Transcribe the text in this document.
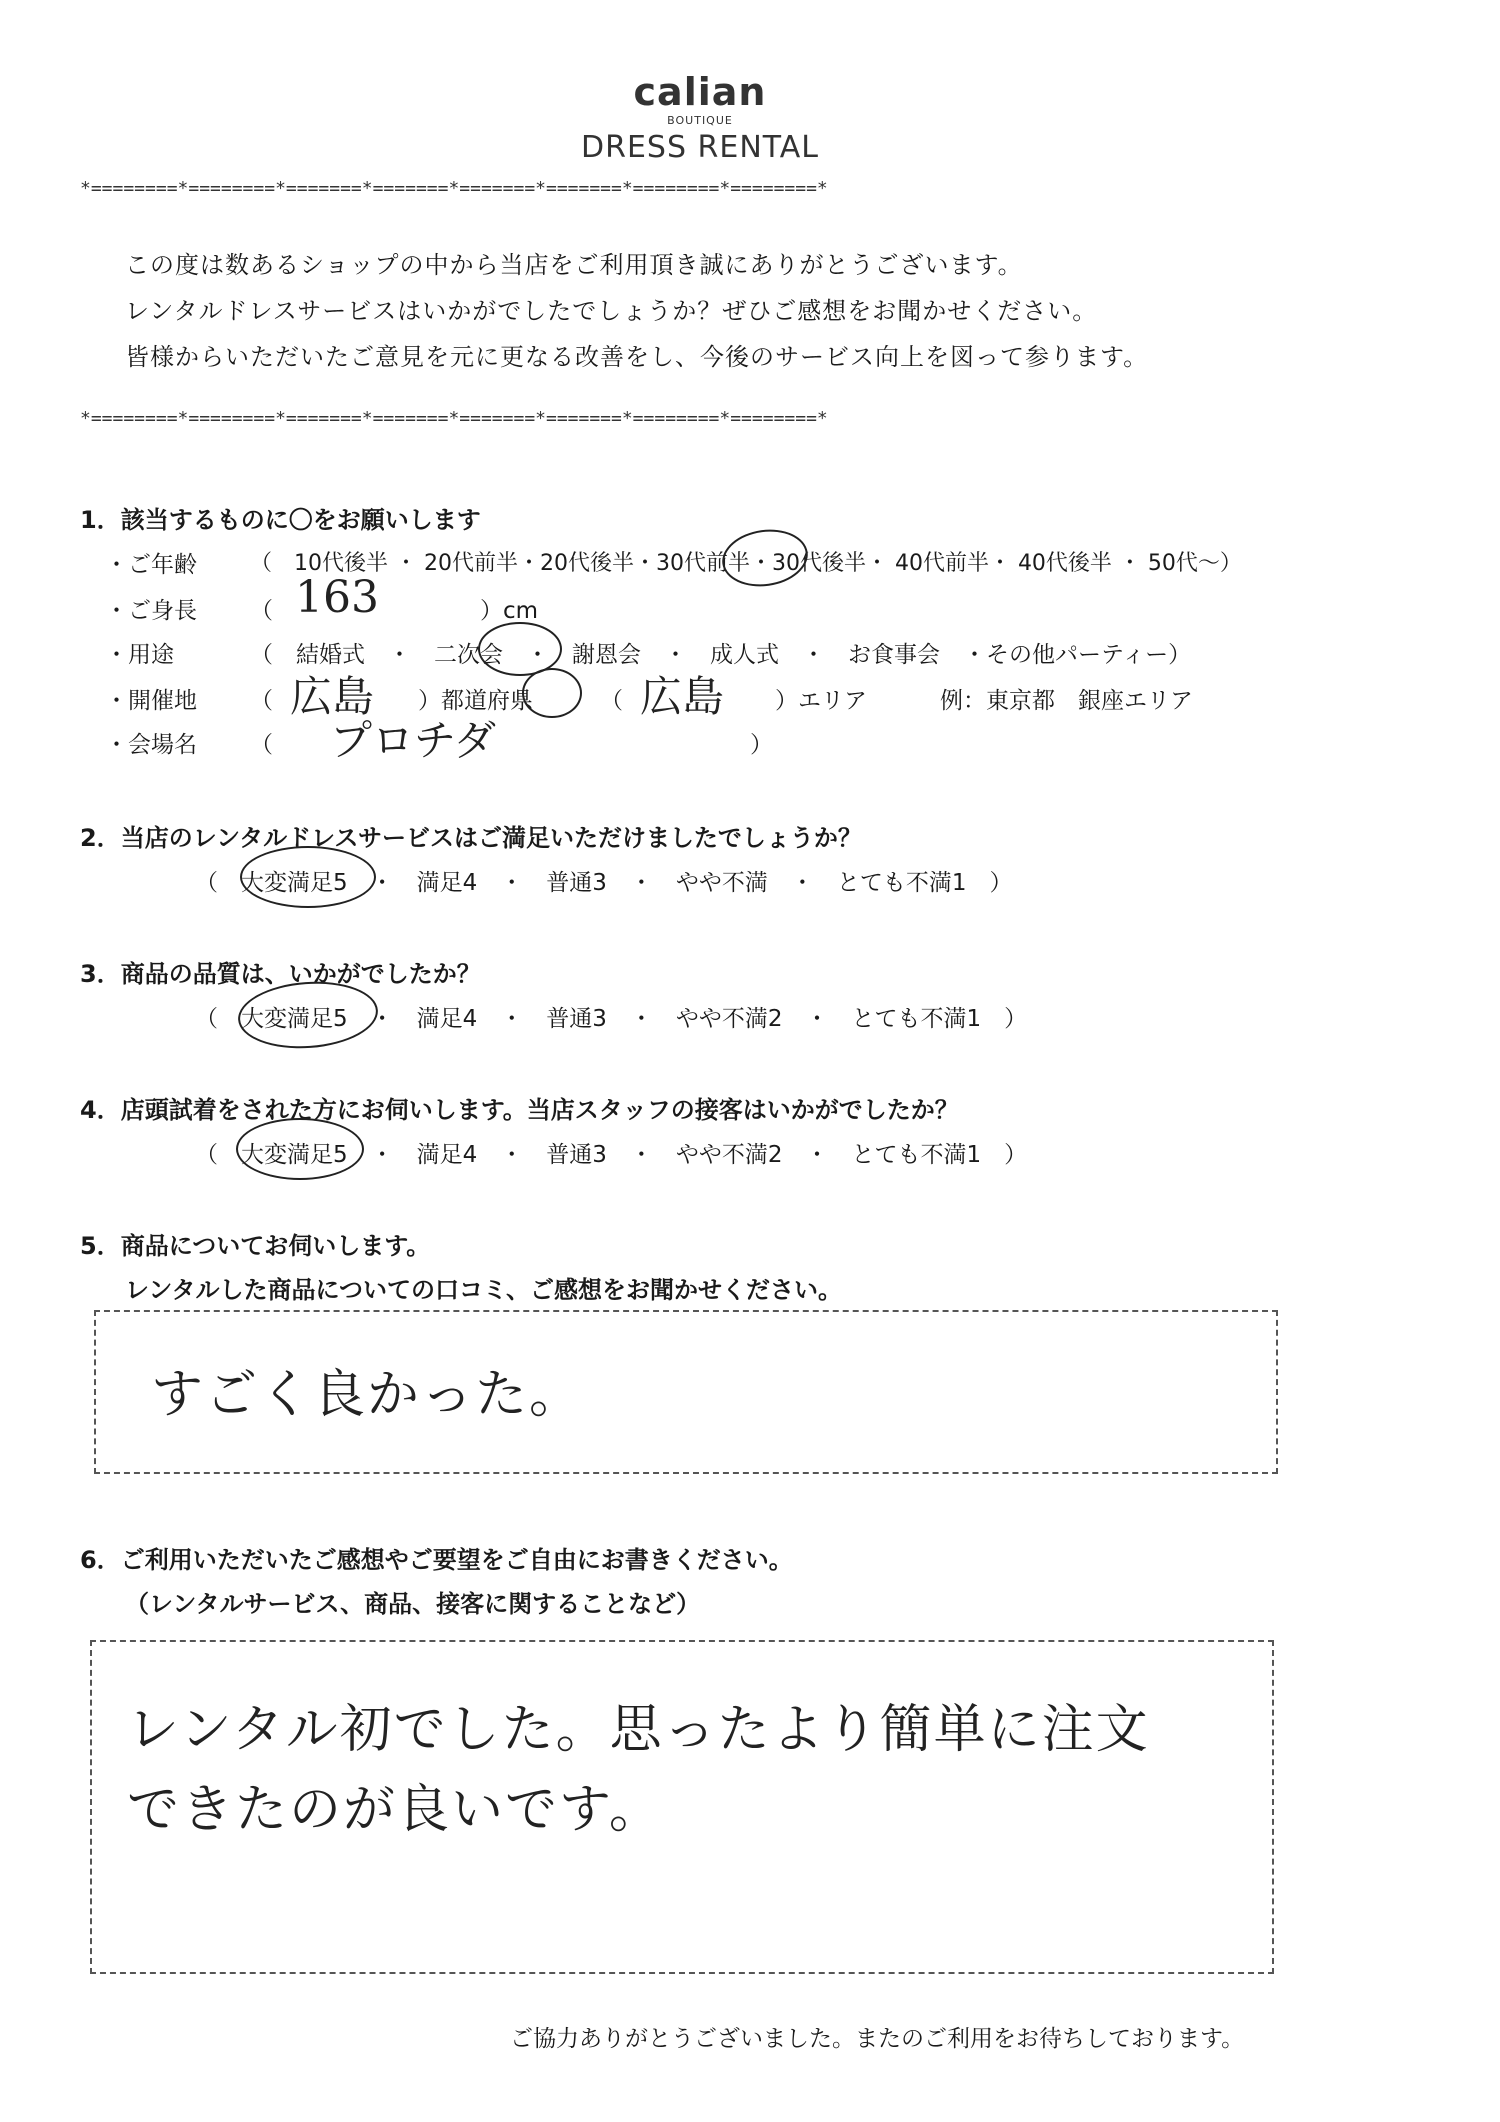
calian
BOUTIQUE
DRESS RENTAL
*========*========*=======*=======*=======*=======*========*========*
この度は数あるショップの中から当店をご利用頂き誠にありがとうございます。
レンタルドレスサービスはいかがでしたでしょうか？ぜひご感想をお聞かせください。
皆様からいただいたご意見を元に更なる改善をし、今後のサービス向上を図って参ります。
*========*========*=======*=======*=======*=======*========*========*
1．該当するものに〇をお願いします
・ご年齢 （　10代後半 ・ 20代前半・20代後半・30代前半・30代後半・ 40代前半・ 40代後半 ・ 50代～）
・ご身長 （ 163	）cm
・用途	（　結婚式　・　二次会　・　謝恩会　・　成人式　・　お食事会　・その他パーティー）
・開催地 （ 広島 ）都道府県	（ 広島 ）エリア	例：東京都　銀座エリア
・会場名 （ プロチダ	）
2．当店のレンタルドレスサービスはご満足いただけましたでしょうか？
（　大変満足5　・　満足4　・　普通3　・　やや不満　・　とても不満1　）
3．商品の品質は、いかがでしたか？
（　大変満足5　・　満足4　・　普通3　・　やや不満2　・　とても不満1　）
4．店頭試着をされた方にお伺いします。当店スタッフの接客はいかがでしたか？
（　大変満足5　・　満足4　・　普通3　・　やや不満2　・　とても不満1　）
5．商品についてお伺いします。
レンタルした商品についての口コミ、ご感想をお聞かせください。
すごく良かった。
6．ご利用いただいたご感想やご要望をご自由にお書きください。
（レンタルサービス、商品、接客に関することなど）
レンタル初でした。思ったより簡単に注文
できたのが良いです。
ご協力ありがとうございました。またのご利用をお待ちしております。
